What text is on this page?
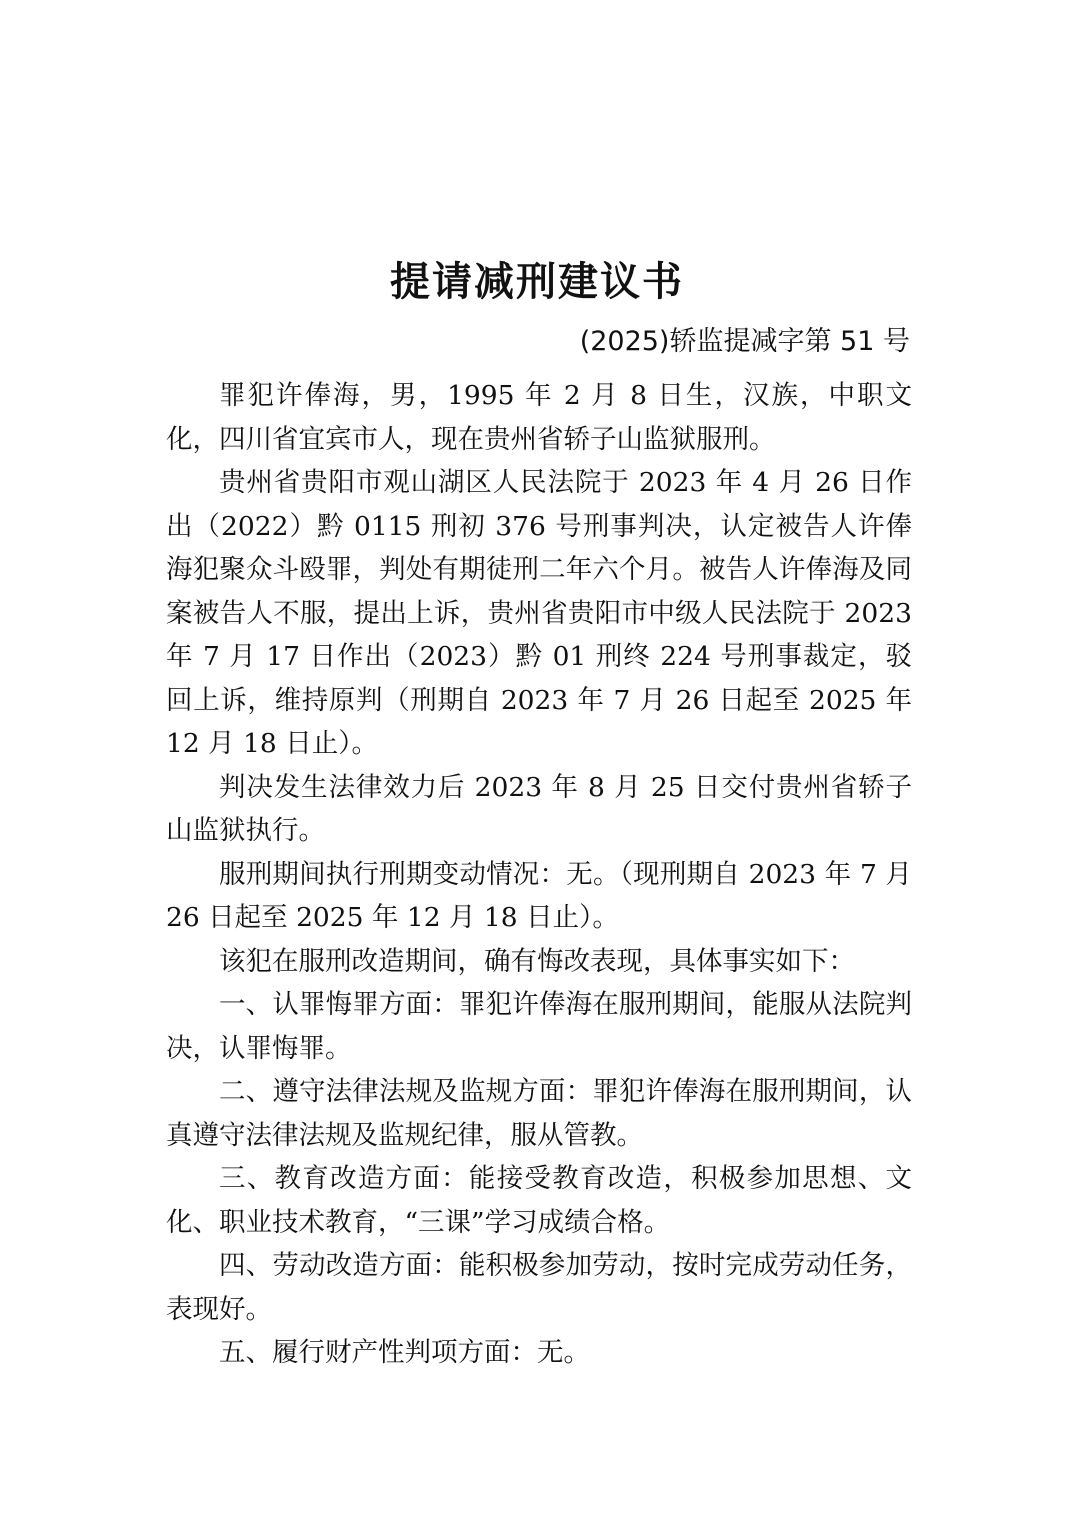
提请减刑建议书
(2025)轿监提减字第 51 号

罪犯许俸海，男，1995 年 2 月 8 日生，汉族，中职文化，四川省宜宾市人，现在贵州省轿子山监狱服刑。

贵州省贵阳市观山湖区人民法院于 2023 年 4 月 26 日作出（2022）黔 0115 刑初 376 号刑事判决，认定被告人许俸海犯聚众斗殴罪，判处有期徒刑二年六个月。被告人许俸海及同案被告人不服，提出上诉，贵州省贵阳市中级人民法院于 2023 年 7 月 17 日作出（2023）黔 01 刑终 224 号刑事裁定，驳回上诉，维持原判（刑期自 2023 年 7 月 26 日起至 2025 年 12 月 18 日止）。

判决发生法律效力后 2023 年 8 月 25 日交付贵州省轿子山监狱执行。

服刑期间执行刑期变动情况：无。（现刑期自 2023 年 7 月 26 日起至 2025 年 12 月 18 日止）。

该犯在服刑改造期间，确有悔改表现，具体事实如下：

一、认罪悔罪方面：罪犯许俸海在服刑期间，能服从法院判决，认罪悔罪。

二、遵守法律法规及监规方面：罪犯许俸海在服刑期间，认真遵守法律法规及监规纪律，服从管教。

三、教育改造方面：能接受教育改造，积极参加思想、文化、职业技术教育，“三课”学习成绩合格。

四、劳动改造方面：能积极参加劳动，按时完成劳动任务，表现好。

五、履行财产性判项方面：无。
